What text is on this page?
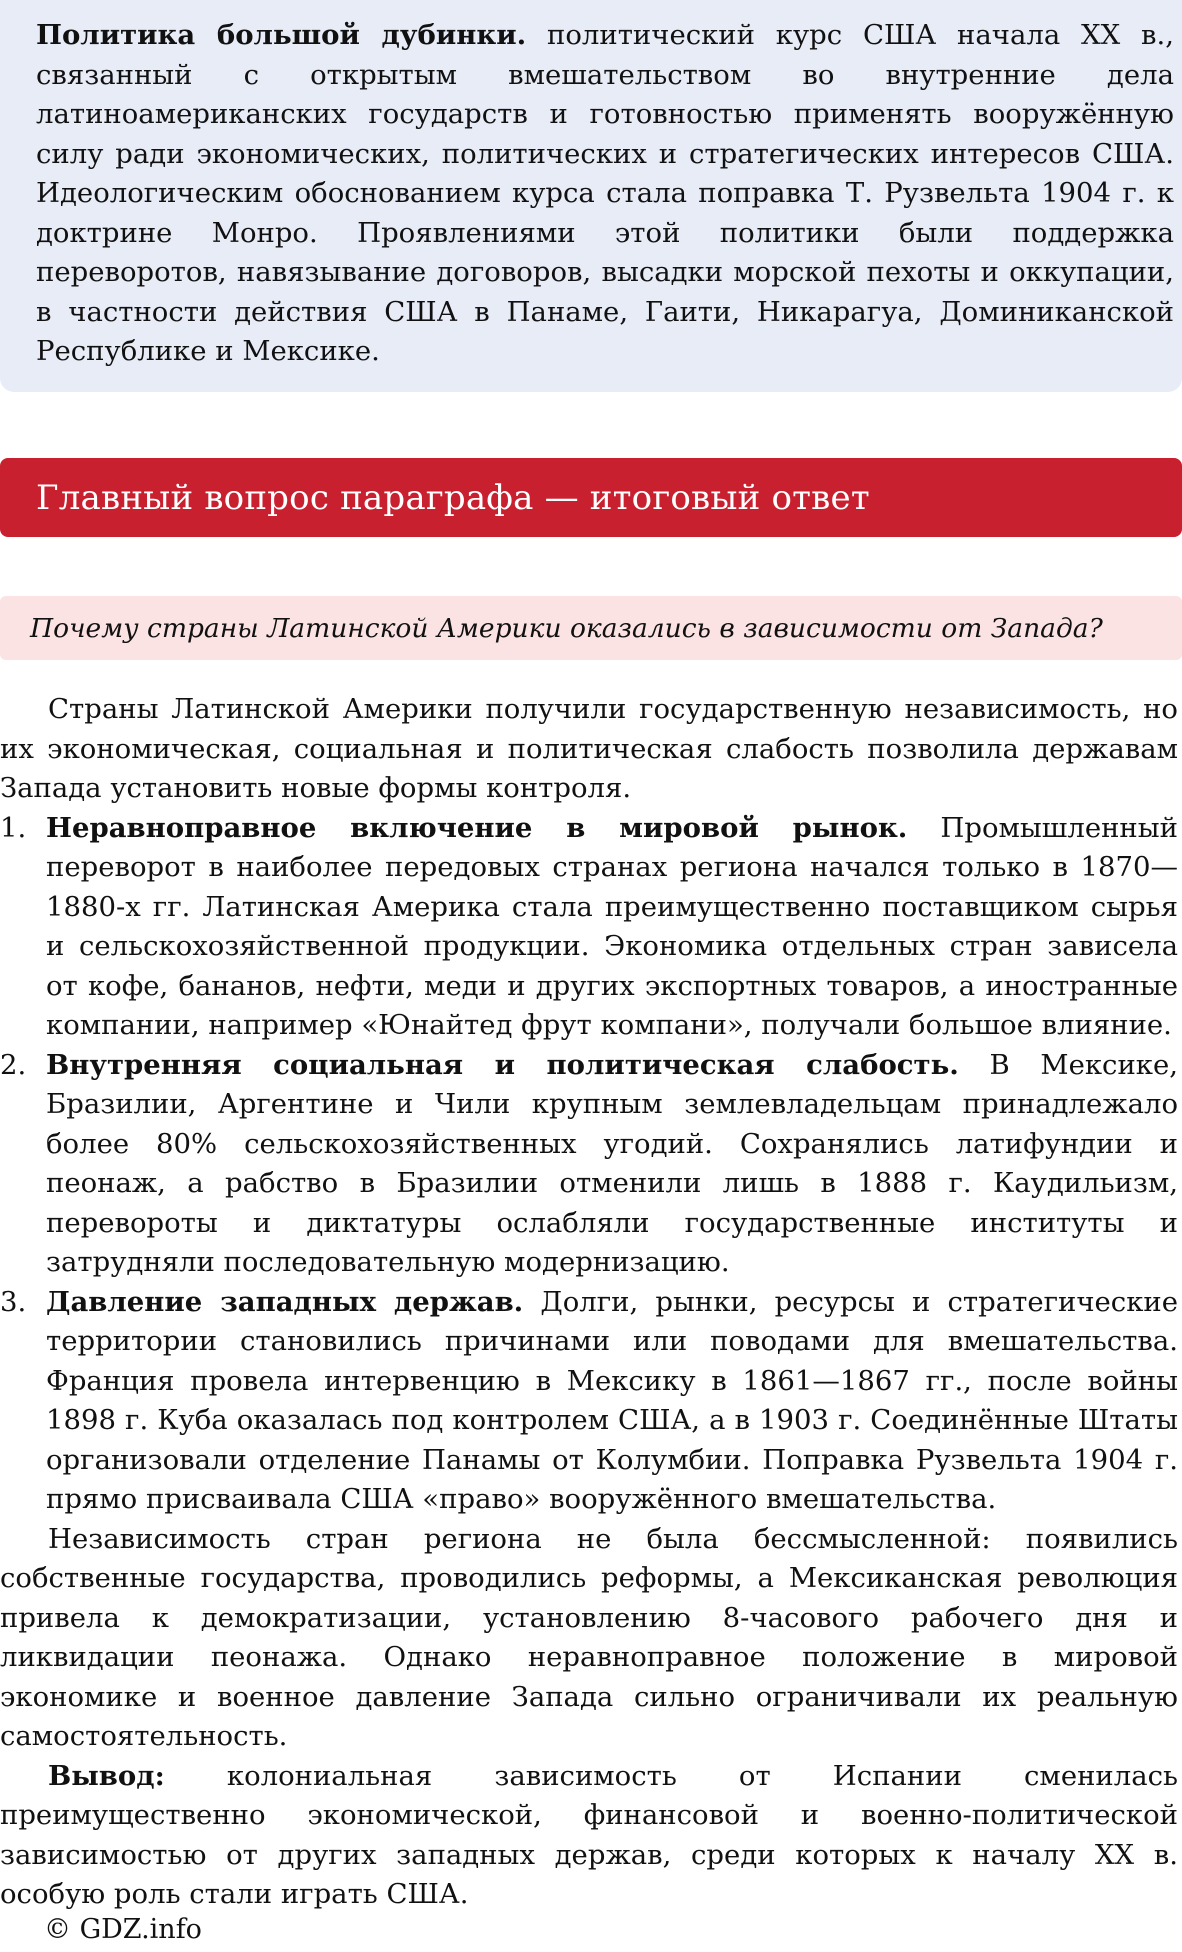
Политика большой дубинки. политический курс США начала XX в., связанный с открытым вмешательством во внутренние дела латиноамериканских государств и готовностью применять вооружённую силу ради экономических, политических и стратегических интересов США. Идеологическим обоснованием курса стала поправка Т. Рузвельта 1904 г. к доктрине Монро. Проявлениями этой политики были поддержка переворотов, навязывание договоров, высадки морской пехоты и оккупации, в частности действия США в Панаме, Гаити, Никарагуа, Доминиканской Республике и Мексике.

Главный вопрос параграфа — итоговый ответ
Почему страны Латинской Америки оказались в зависимости от Запада?

Страны Латинской Америки получили государственную независимость, но их экономическая, социальная и политическая слабость позволила державам Запада установить новые формы контроля.

1. Неравноправное включение в мировой рынок. Промышленный переворот в наиболее передовых странах региона начался только в 1870—1880-х гг. Латинская Америка стала преимущественно поставщиком сырья и сельскохозяйственной продукции. Экономика отдельных стран зависела от кофе, бананов, нефти, меди и других экспортных товаров, а иностранные компании, например «Юнайтед фрут компани», получали большое влияние.
2. Внутренняя социальная и политическая слабость. В Мексике, Бразилии, Аргентине и Чили крупным землевладельцам принадлежало более 80% сельскохозяйственных угодий. Сохранялись латифундии и пеонаж, а рабство в Бразилии отменили лишь в 1888 г. Каудильизм, перевороты и диктатуры ослабляли государственные институты и затрудняли последовательную модернизацию.
3. Давление западных держав. Долги, рынки, ресурсы и стратегические территории становились причинами или поводами для вмешательства. Франция провела интервенцию в Мексику в 1861—1867 гг., после войны 1898 г. Куба оказалась под контролем США, а в 1903 г. Соединённые Штаты организовали отделение Панамы от Колумбии. Поправка Рузвельта 1904 г. прямо присваивала США «право» вооружённого вмешательства.

Независимость стран региона не была бессмысленной: появились собственные государства, проводились реформы, а Мексиканская революция привела к демократизации, установлению 8-часового рабочего дня и ликвидации пеонажа. Однако неравноправное положение в мировой экономике и военное давление Запада сильно ограничивали их реальную самостоятельность.

Вывод: колониальная зависимость от Испании сменилась преимущественно экономической, финансовой и военно-политической зависимостью от других западных держав, среди которых к началу XX в. особую роль стали играть США.

© GDZ.info
